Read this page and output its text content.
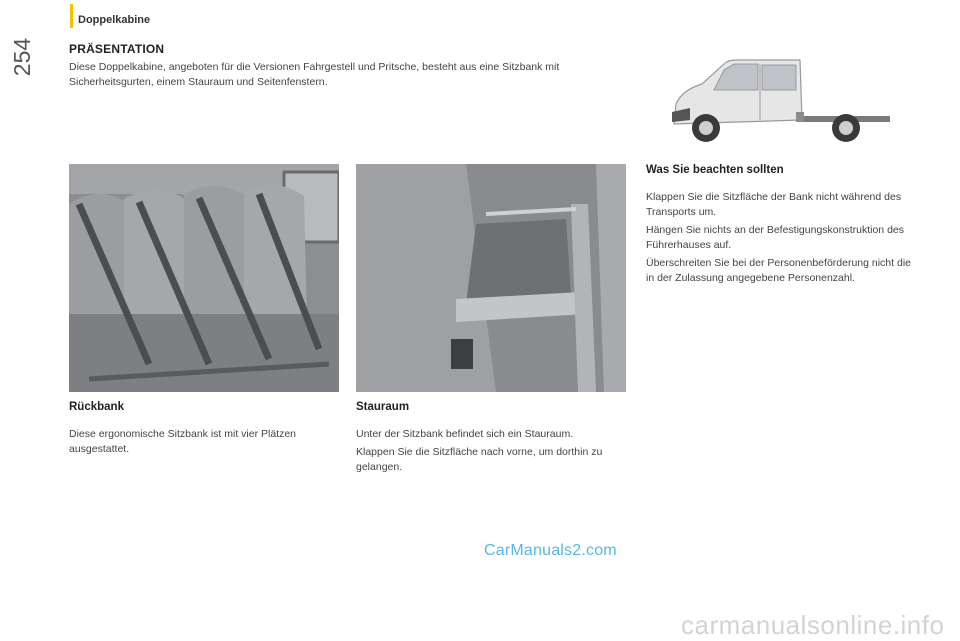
Doppelkabine
254	PRÄSENTATION
Diese Doppelkabine, angeboten für die Versionen Fahrgestell und Pritsche, besteht aus eine Sitzbank mit Sicherheitsgurten, einem Stauraum und Seitenfenstern.
Was Sie beachten sollten

Klappen Sie die Sitzfläche der Bank nicht während des Transports um.

Hängen Sie nichts an der Befestigungskonstruktion des Führerhauses auf.

Überschreiten Sie bei der Personenbeförderung nicht die in der Zulassung angegebene Personenzahl.

Rückbank

Diese ergonomische Sitzbank ist mit vier Plätzen ausgestattet.

Stauraum

Unter der Sitzbank befindet sich ein Stauraum.

Klappen Sie die Sitzfläche nach vorne, um dorthin zu gelangen.

CarManuals2.com
carmanualsonline.info
